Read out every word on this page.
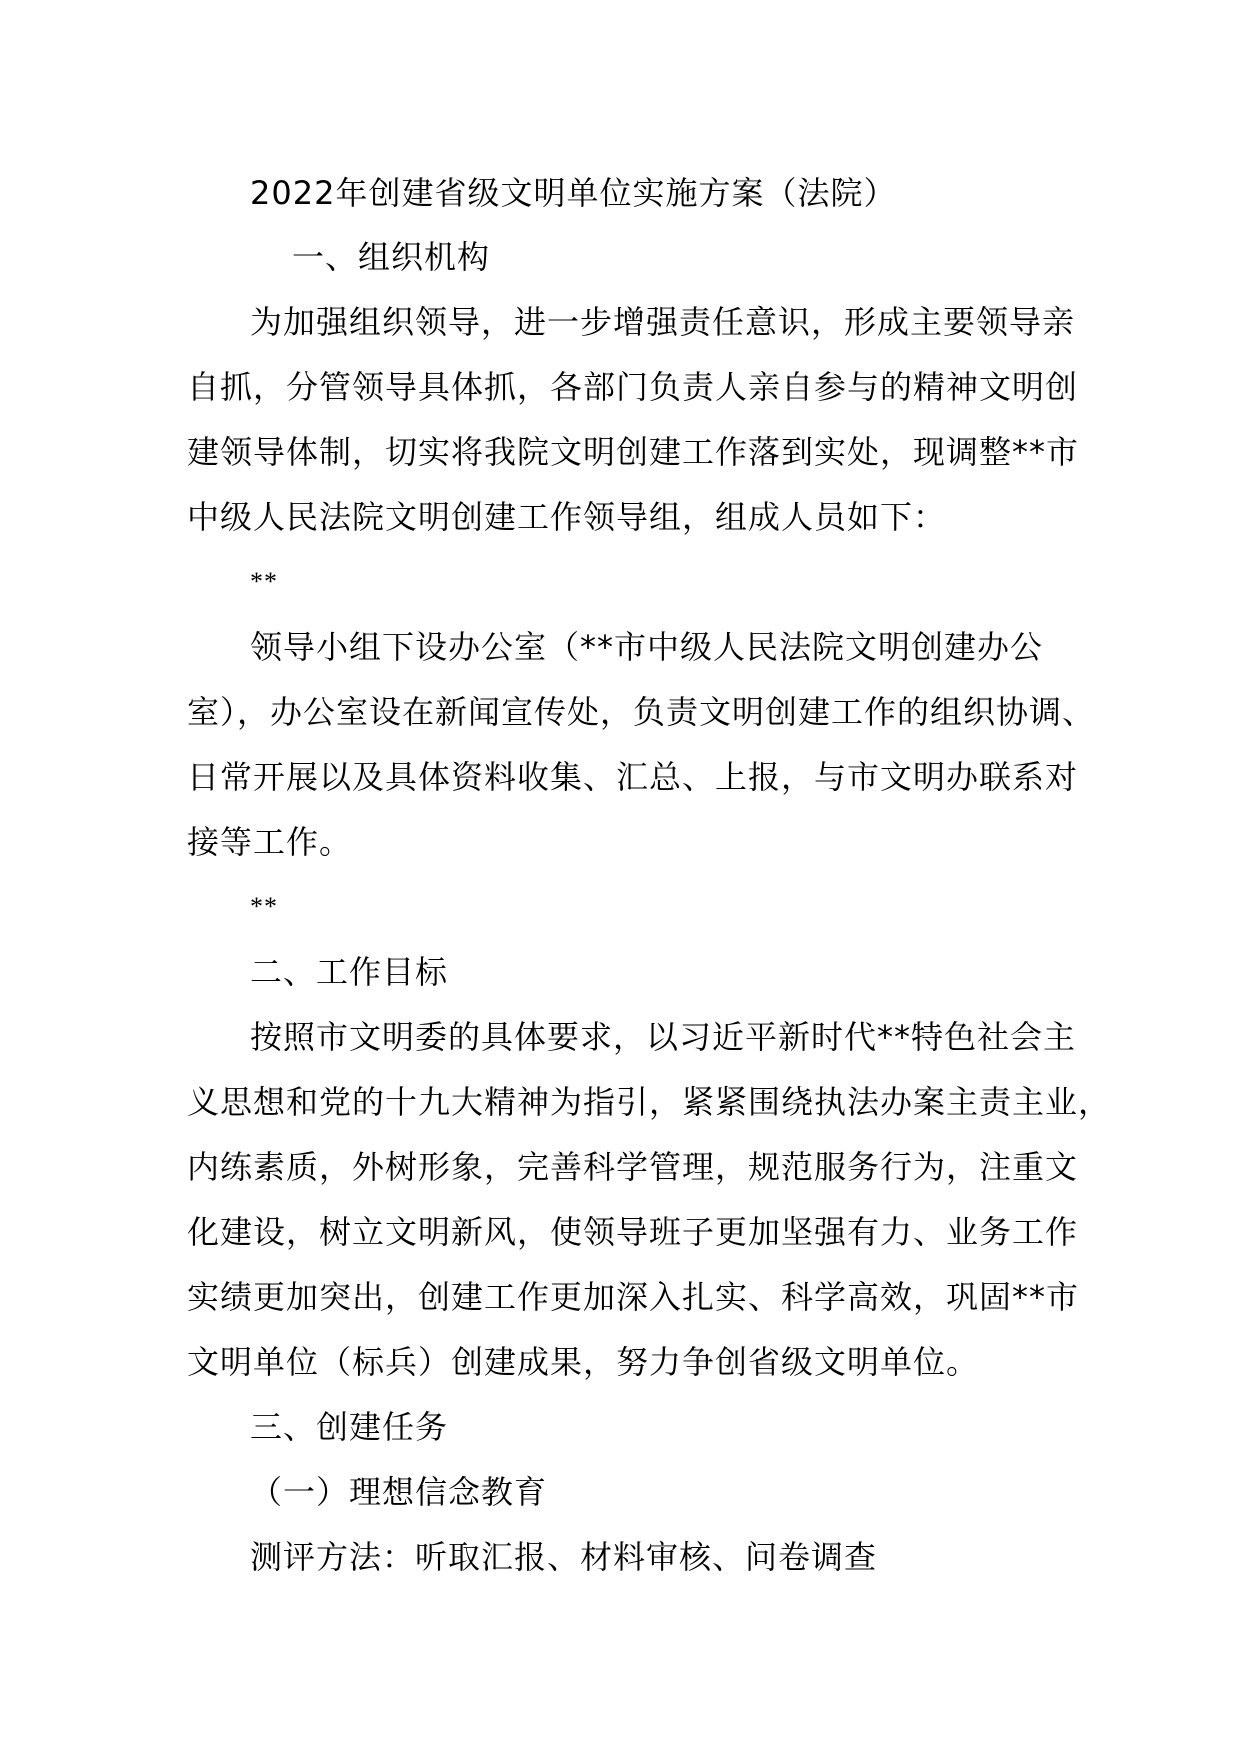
2022年创建省级文明单位实施方案（法院）
一、组织机构
为加强组织领导，进一步增强责任意识，形成主要领导亲
自抓，分管领导具体抓，各部门负责人亲自参与的精神文明创
建领导体制，切实将我院文明创建工作落到实处，现调整**市
中级人民法院文明创建工作领导组，组成人员如下：
**
领导小组下设办公室（**市中级人民法院文明创建办公
室），办公室设在新闻宣传处，负责文明创建工作的组织协调、
日常开展以及具体资料收集、汇总、上报，与市文明办联系对
接等工作。
**
二、工作目标
按照市文明委的具体要求，以习近平新时代**特色社会主
义思想和党的十九大精神为指引，紧紧围绕执法办案主责主业，
内练素质，外树形象，完善科学管理，规范服务行为，注重文
化建设，树立文明新风，使领导班子更加坚强有力、业务工作
实绩更加突出，创建工作更加深入扎实、科学高效，巩固**市
文明单位（标兵）创建成果，努力争创省级文明单位。
三、创建任务
（一）理想信念教育
测评方法：听取汇报、材料审核、问卷调查
